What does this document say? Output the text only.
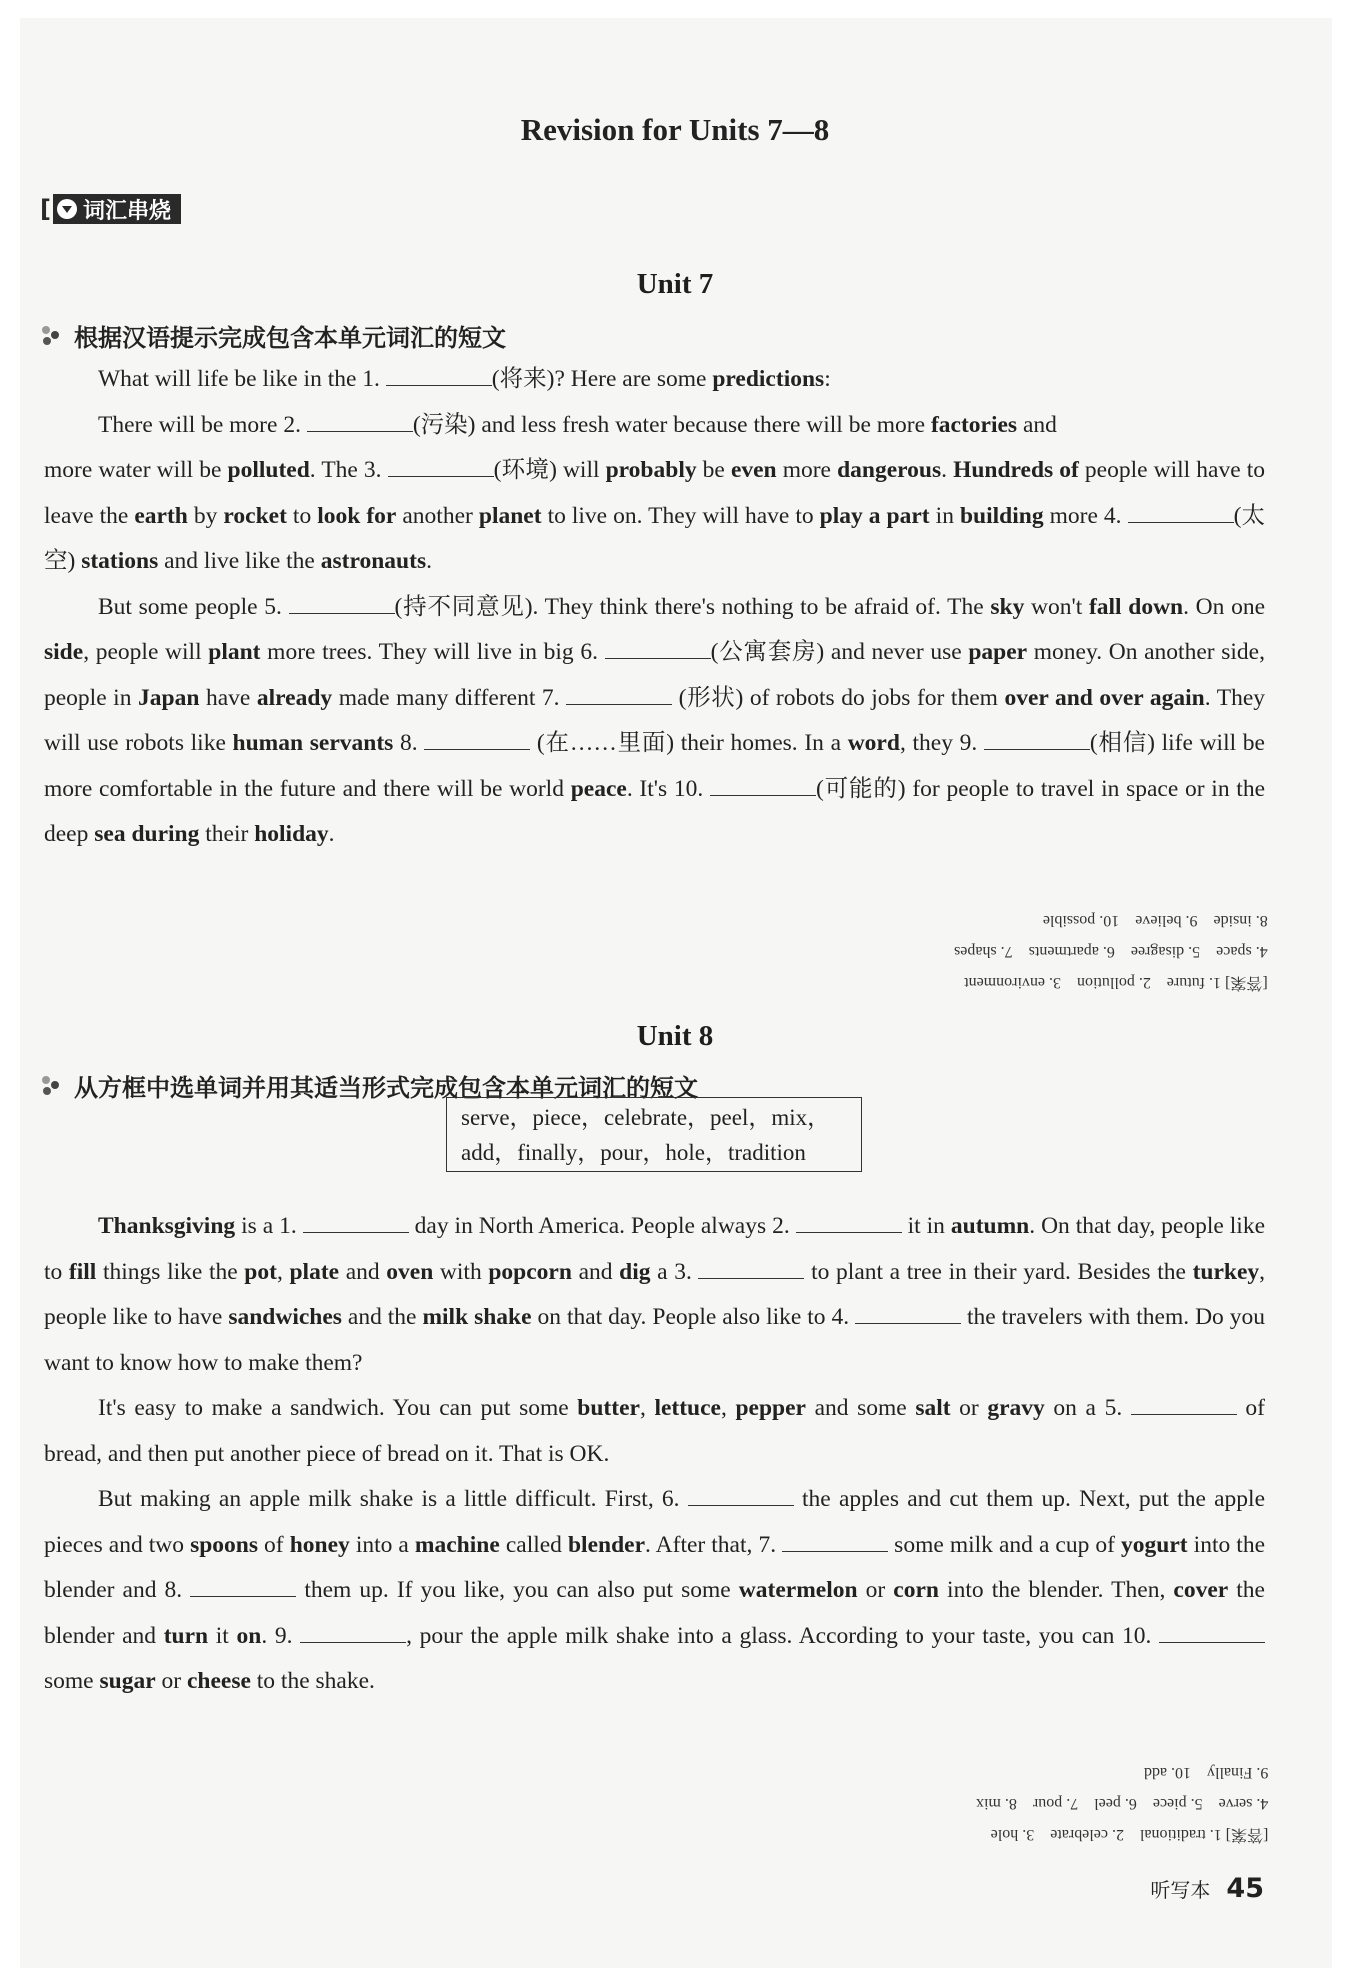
Revision for Units 7—8
[ 词汇串烧
Unit 7
根据汉语提示完成包含本单元词汇的短文

What will life be like in the 1.	(将来)? Here are some predictions:

There will be more 2.	(污染) and less fresh water because there will be more factories and

more water will be polluted. The 3.	(环境) will probably be even more dangerous. Hundreds of people will have to leave the earth by rocket to look for another planet to live on. They will have to play a part in building more 4.	(太空) stations and live like the astronauts.

But some people 5.	(持不同意见). They think there's nothing to be afraid of. The sky won't fall down. On one side, people will plant more trees. They will live in big 6.	(公寓套房) and never use paper money. On another side, people in Japan have already made many different 7.	(形状) of robots do jobs for them over and over again. They will use robots like human servants 8.	(在……里面) their homes. In a word, they 9.	(相信) life will be more comfortable in the future and there will be world peace. It's 10.	(可能的) for people to travel in space or in the deep sea during their holiday.

[答案] 1. future　2. pollution　3. environment
4. space　5. disagree　6. apartments　7. shapes
8. inside　9. believe　10. possible
Unit 8
从方框中选单词并用其适当形式完成包含本单元词汇的短文
serve，piece，celebrate，peel，mix，
add，finally，pour，hole，tradition

Thanksgiving is a 1.	day in North America. People always 2.	it in autumn. On that day, people like to fill things like the pot, plate and oven with popcorn and dig a 3.	to plant a tree in their yard. Besides the turkey, people like to have sandwiches and the milk shake on that day. People also like to 4.	the travelers with them. Do you want to know how to make them?

It's easy to make a sandwich. You can put some butter, lettuce, pepper and some salt or gravy on a 5.	of bread, and then put another piece of bread on it. That is OK.

But making an apple milk shake is a little difficult. First, 6.	the apples and cut them up. Next, put the apple pieces and two spoons of honey into a machine called blender. After that, 7.	some milk and a cup of yogurt into the blender and 8.	them up. If you like, you can also put some watermelon or corn into the blender. Then, cover the blender and turn it on. 9.	, pour the apple milk shake into a glass. According to your taste, you can 10.  some sugar or cheese to the shake.

[答案] 1. traditional　2. celebrate　3. hole
4. serve　5. piece　6. peel　7. pour　8. mix
9. Finally　10. add
听写本 45
